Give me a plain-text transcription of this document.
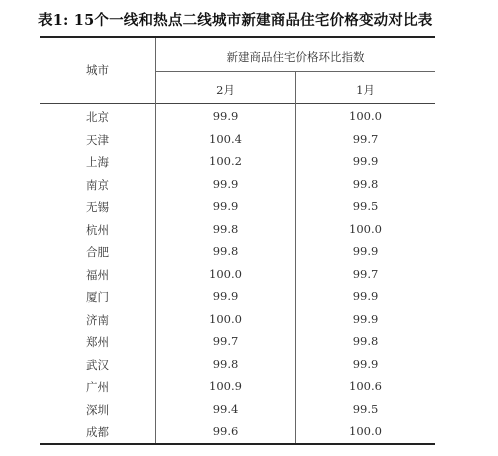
表1: 15个一线和热点二线城市新建商品住宅价格变动对比表
城市
新建商品住宅价格环比指数
2月	1月
北京	99.9	100.0
天津	100.4	99.7
上海	100.2	99.9
南京	99.9	99.8
无锡	99.9	99.5
杭州	99.8	100.0
合肥	99.8	99.9
福州	100.0	99.7
厦门	99.9	99.9
济南	100.0	99.9
郑州	99.7	99.8
武汉	99.8	99.9
广州	100.9	100.6
深圳	99.4	99.5
成都	99.6	100.0
